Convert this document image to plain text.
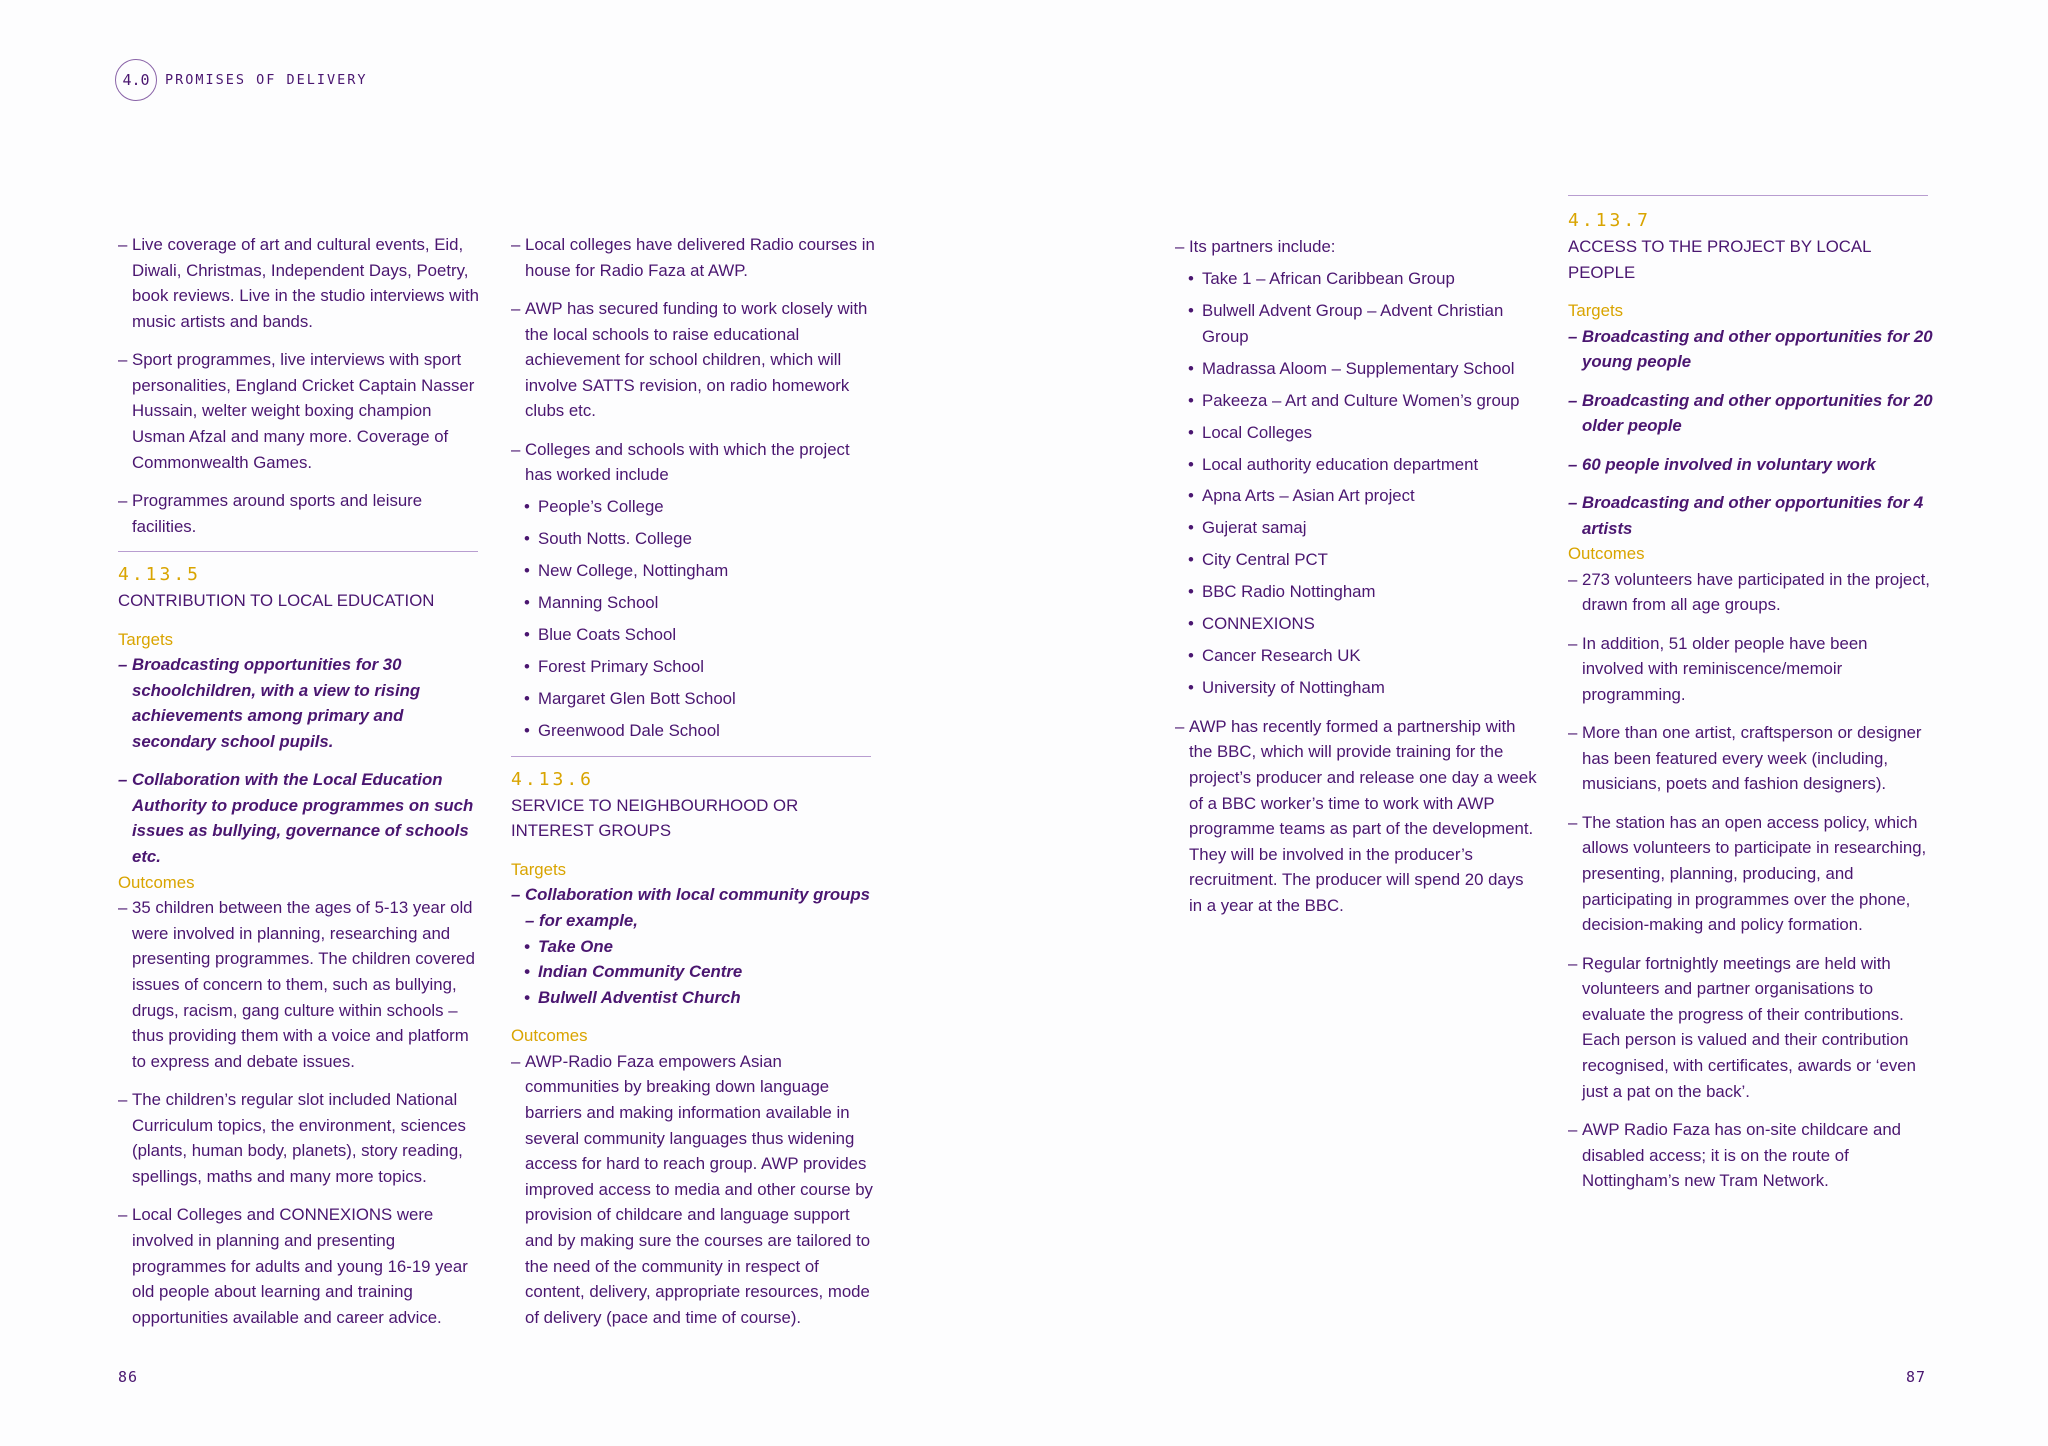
4.0	PROMISES OF DELIVERY
– Live coverage of art and cultural events, Eid, Diwali, Christmas, Independent Days, Poetry, book reviews. Live in the studio interviews with music artists and bands.
– Sport programmes, live interviews with sport personalities, England Cricket Captain Nasser Hussain, welter weight boxing champion Usman Afzal and many more. Coverage of Commonwealth Games.
– Programmes around sports and leisure facilities.
4.13.5
CONTRIBUTION TO LOCAL EDUCATION
Targets
– Broadcasting opportunities for 30 schoolchildren, with a view to rising achievements among primary and secondary school pupils.
– Collaboration with the Local Education Authority to produce programmes on such issues as bullying, governance of schools etc.
Outcomes
– 35 children between the ages of 5-13 year old were involved in planning, researching and presenting programmes. The children covered issues of concern to them, such as bullying, drugs, racism, gang culture within schools – thus providing them with a voice and platform to express and debate issues.
– The children’s regular slot included National Curriculum topics, the environment, sciences (plants, human body, planets), story reading, spellings, maths and many more topics.
– Local Colleges and CONNEXIONS were involved in planning and presenting programmes for adults and young 16-19 year old people about learning and training opportunities available and career advice.
– Local colleges have delivered Radio courses in house for Radio Faza at AWP.
– AWP has secured funding to work closely with the local schools to raise educational achievement for school children, which will involve SATTS revision, on radio homework clubs etc.
– Colleges and schools with which the project has worked include
• People’s College
• South Notts. College
• New College, Nottingham
• Manning School
• Blue Coats School
• Forest Primary School
• Margaret Glen Bott School
• Greenwood Dale School
4.13.6
SERVICE TO NEIGHBOURHOOD OR INTEREST GROUPS
Targets
– Collaboration with local community groups – for example,
• Take One
• Indian Community Centre
• Bulwell Adventist Church
Outcomes
– AWP-Radio Faza empowers Asian communities by breaking down language barriers and making information available in several community languages thus widening access for hard to reach group. AWP provides improved access to media and other course by provision of childcare and language support and by making sure the courses are tailored to the need of the community in respect of content, delivery, appropriate resources, mode of delivery (pace and time of course).
– Its partners include:
• Take 1 – African Caribbean Group
• Bulwell Advent Group – Advent Christian Group
• Madrassa Aloom – Supplementary School
• Pakeeza – Art and Culture Women’s group
• Local Colleges
• Local authority education department
• Apna Arts – Asian Art project
• Gujerat samaj
• City Central PCT
• BBC Radio Nottingham
• CONNEXIONS
• Cancer Research UK
• University of Nottingham
– AWP has recently formed a partnership with the BBC, which will provide training for the project’s producer and release one day a week of a BBC worker’s time to work with AWP programme teams as part of the development. They will be involved in the producer’s recruitment. The producer will spend 20 days in a year at the BBC.
4.13.7
ACCESS TO THE PROJECT BY LOCAL PEOPLE
Targets
– Broadcasting and other opportunities for 20 young people
– Broadcasting and other opportunities for 20 older people
– 60 people involved in voluntary work
– Broadcasting and other opportunities for 4 artists
Outcomes
– 273 volunteers have participated in the project, drawn from all age groups.
– In addition, 51 older people have been involved with reminiscence/memoir programming.
– More than one artist, craftsperson or designer has been featured every week (including, musicians, poets and fashion designers).
– The station has an open access policy, which allows volunteers to participate in researching, presenting, planning, producing, and participating in programmes over the phone, decision-making and policy formation.
– Regular fortnightly meetings are held with volunteers and partner organisations to evaluate the progress of their contributions. Each person is valued and their contribution recognised, with certificates, awards or ‘even just a pat on the back’.
– AWP Radio Faza has on-site childcare and disabled access; it is on the route of Nottingham’s new Tram Network.
86	87
